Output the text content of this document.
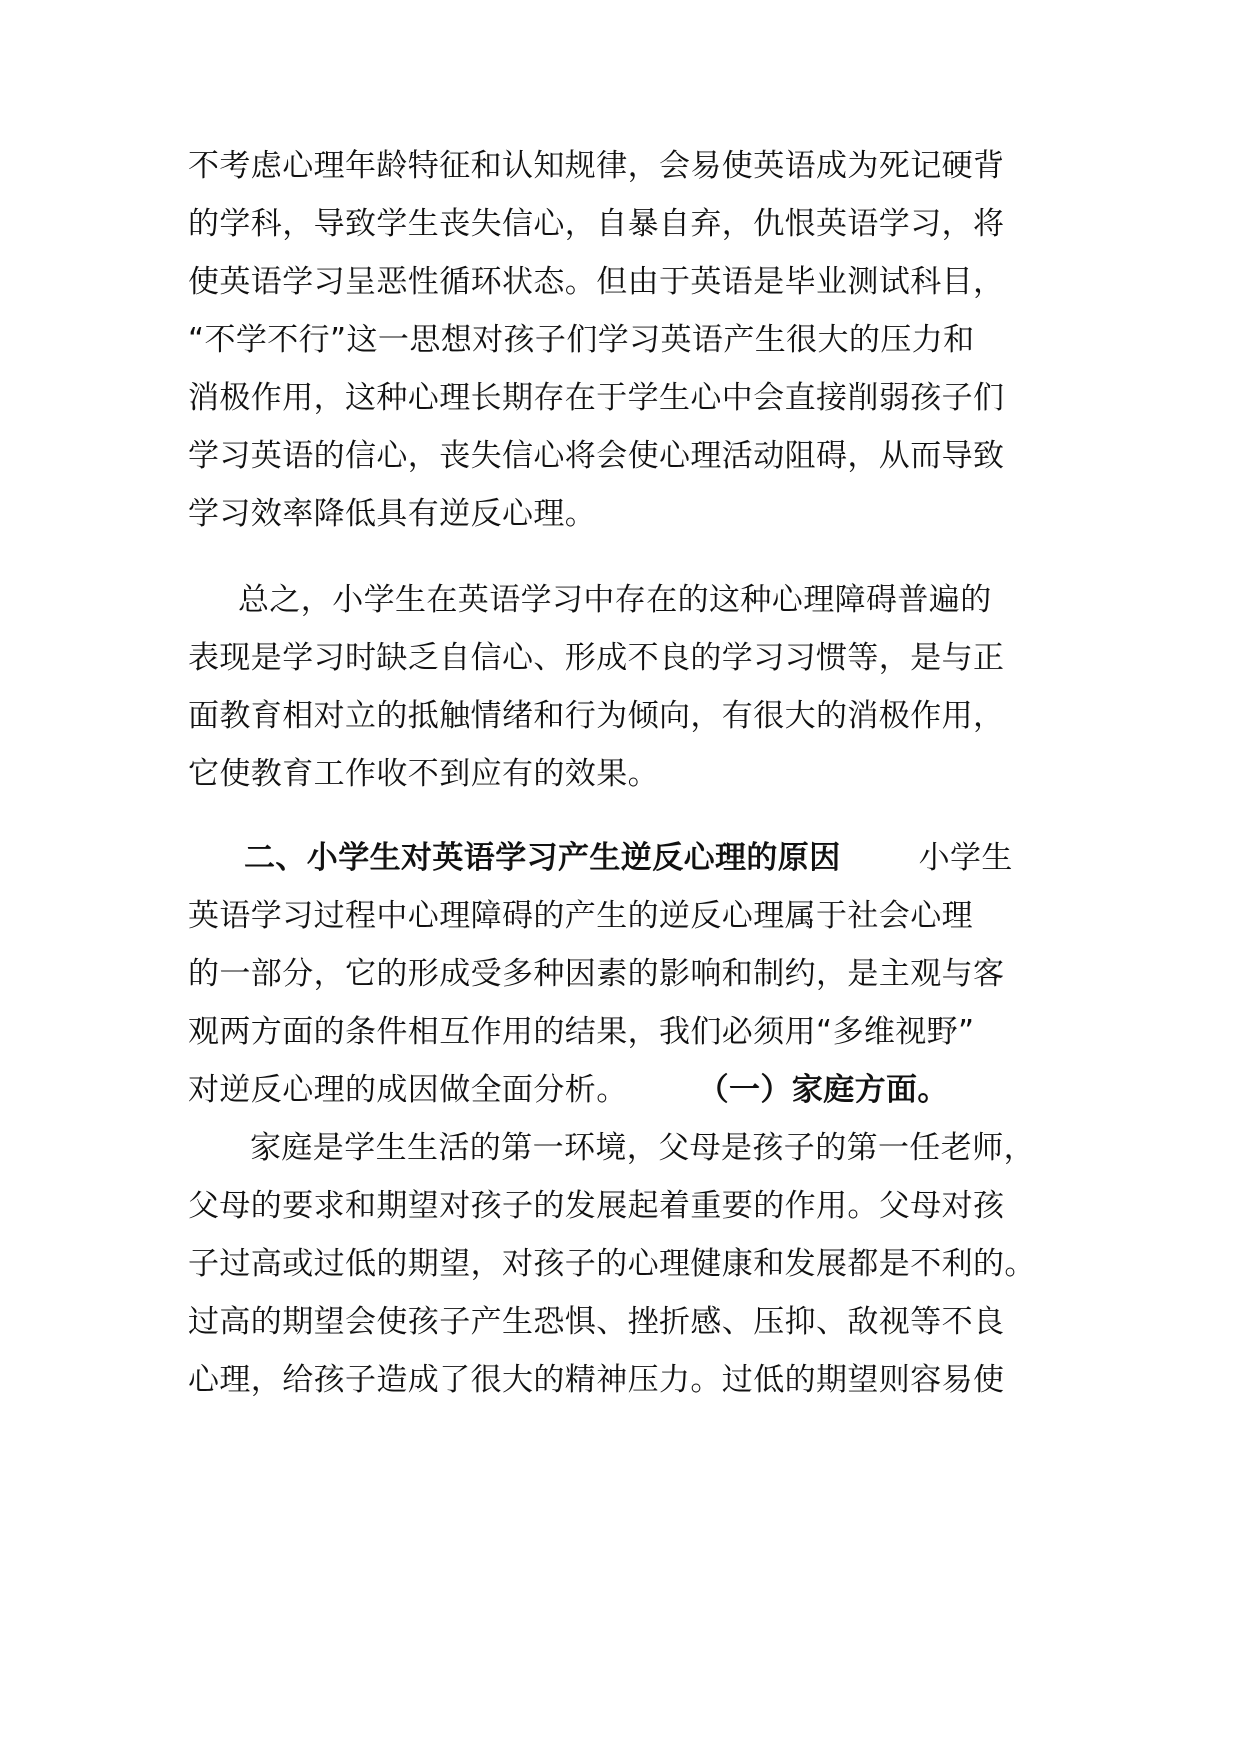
不考虑心理年龄特征和认知规律，会易使英语成为死记硬背
的学科，导致学生丧失信心，自暴自弃，仇恨英语学习，将
使英语学习呈恶性循环状态。但由于英语是毕业测试科目，
“不学不行”这一思想对孩子们学习英语产生很大的压力和
消极作用，这种心理长期存在于学生心中会直接削弱孩子们
学习英语的信心，丧失信心将会使心理活动阻碍，从而导致
学习效率降低具有逆反心理。
总之，小学生在英语学习中存在的这种心理障碍普遍的
表现是学习时缺乏自信心、形成不良的学习习惯等，是与正
面教育相对立的抵触情绪和行为倾向，有很大的消极作用，
它使教育工作收不到应有的效果。
二、小学生对英语学习产生逆反心理的原因	小学生
英语学习过程中心理障碍的产生的逆反心理属于社会心理
的一部分，它的形成受多种因素的影响和制约，是主观与客
观两方面的条件相互作用的结果，我们必须用“多维视野”
对逆反心理的成因做全面分析。 （一）家庭方面。
家庭是学生生活的第一环境，父母是孩子的第一任老师，
父母的要求和期望对孩子的发展起着重要的作用。父母对孩
子过高或过低的期望，对孩子的心理健康和发展都是不利的。
过高的期望会使孩子产生恐惧、挫折感、压抑、敌视等不良
心理，给孩子造成了很大的精神压力。过低的期望则容易使
